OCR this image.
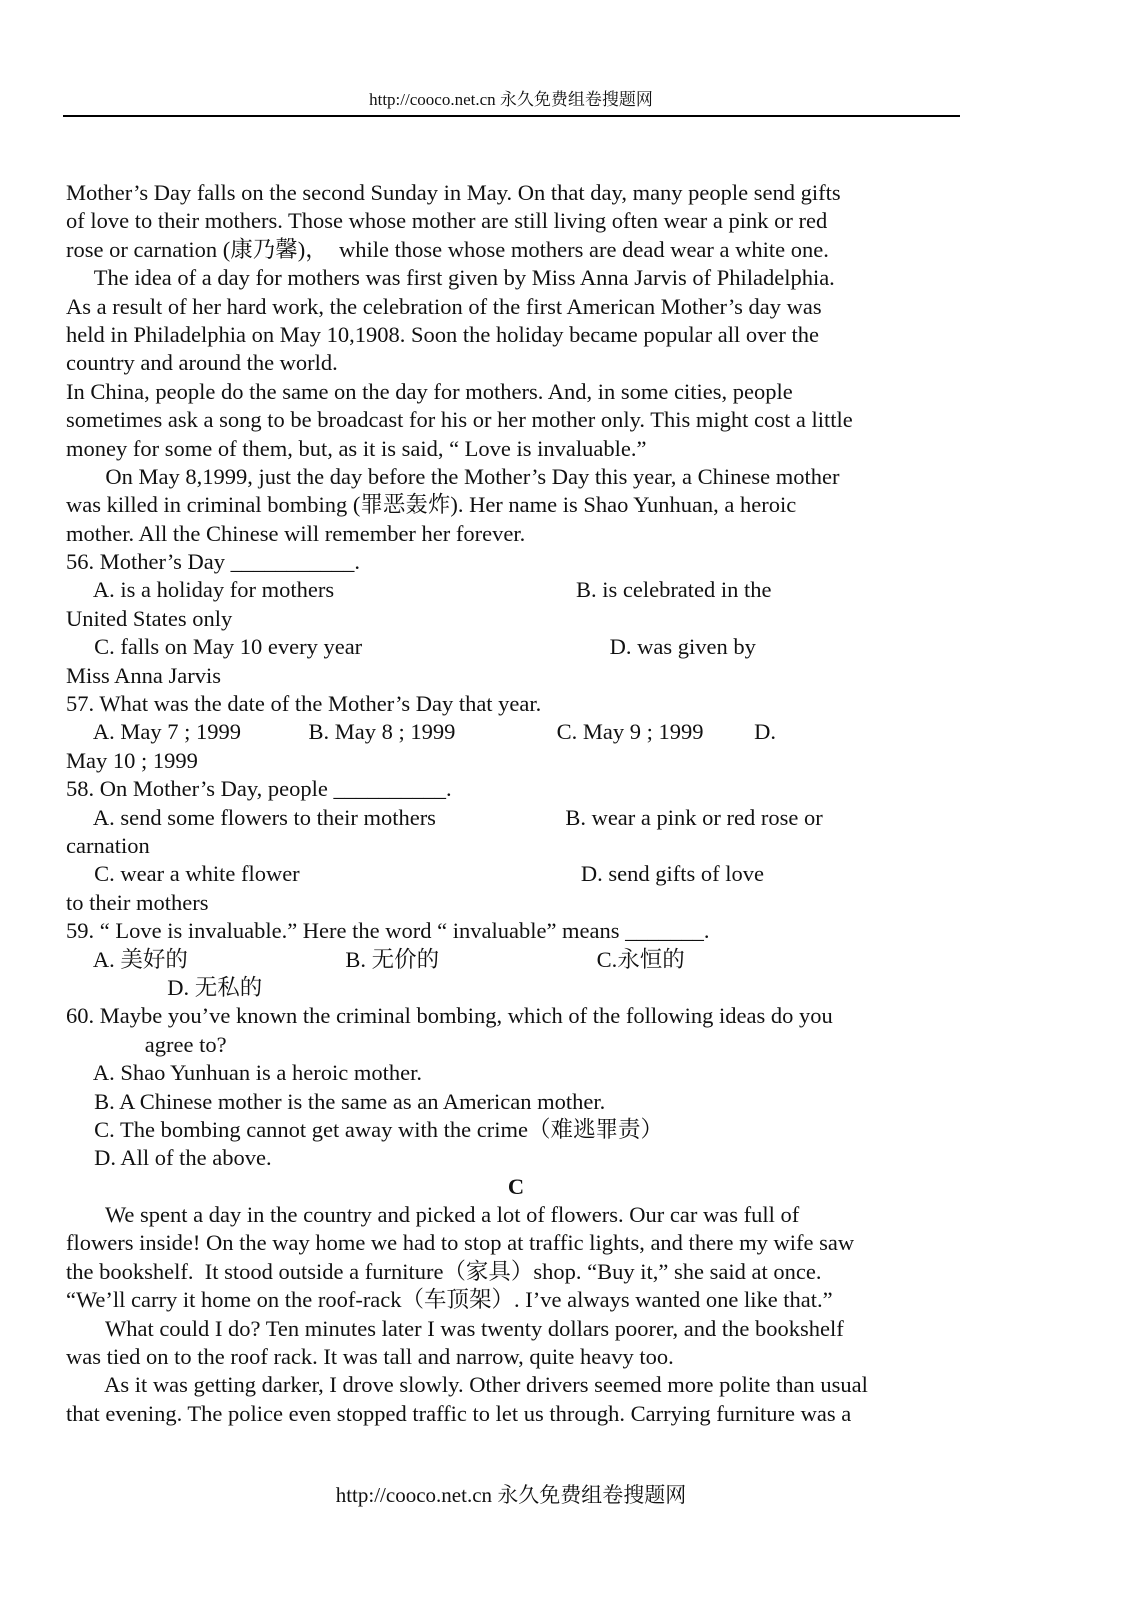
http://cooco.net.cn 永久免费组卷搜题网
Mother’s Day falls on the second Sunday in May. On that day, many people send gifts
of love to their mothers. Those whose mother are still living often wear a pink or red
rose or carnation (康乃馨)，  while those whose mothers are dead wear a white one.
The idea of a day for mothers was first given by Miss Anna Jarvis of Philadelphia.
As a result of her hard work, the celebration of the first American Mother’s day was
held in Philadelphia on May 10,1908. Soon the holiday became popular all over the
country and around the world.
In China, people do the same on the day for mothers. And, in some cities, people
sometimes ask a song to be broadcast for his or her mother only. This might cost a little
money for some of them, but, as it is said, “ Love is invaluable.”
On May 8,1999, just the day before the Mother’s Day this year, a Chinese mother
was killed in criminal bombing (罪恶轰炸). Her name is Shao Yunhuan, a heroic
mother. All the Chinese will remember her forever.
56. Mother’s Day ___________.
A. is a holiday for mothers                                           B. is celebrated in the
United States only
C. falls on May 10 every year                                            D. was given by
Miss Anna Jarvis
57. What was the date of the Mother’s Day that year.
A. May 7 ; 1999            B. May 8 ; 1999                  C. May 9 ; 1999         D.
May 10 ; 1999
58. On Mother’s Day, people __________.
A. send some flowers to their mothers                       B. wear a pink or red rose or
carnation
C. wear a white flower                                                  D. send gifts of love
to their mothers
59. “ Love is invaluable.” Here the word “ invaluable” means _______.
A. 美好的                            B. 无价的                            C.永恒的
D. 无私的
60. Maybe you’ve known the criminal bombing, which of the following ideas do you
agree to?
A. Shao Yunhuan is a heroic mother.
B. A Chinese mother is the same as an American mother.
C. The bombing cannot get away with the crime（难逃罪责）
D. All of the above.
C
We spent a day in the country and picked a lot of flowers. Our car was full of
flowers inside! On the way home we had to stop at traffic lights, and there my wife saw
the bookshelf.  It stood outside a furniture（家具）shop. “Buy it,” she said at once.
“We’ll carry it home on the roof-rack（车顶架）. I’ve always wanted one like that.”
What could I do? Ten minutes later I was twenty dollars poorer, and the bookshelf
was tied on to the roof rack. It was tall and narrow, quite heavy too.
As it was getting darker, I drove slowly. Other drivers seemed more polite than usual
that evening. The police even stopped traffic to let us through. Carrying furniture was a
http://cooco.net.cn 永久免费组卷搜题网
